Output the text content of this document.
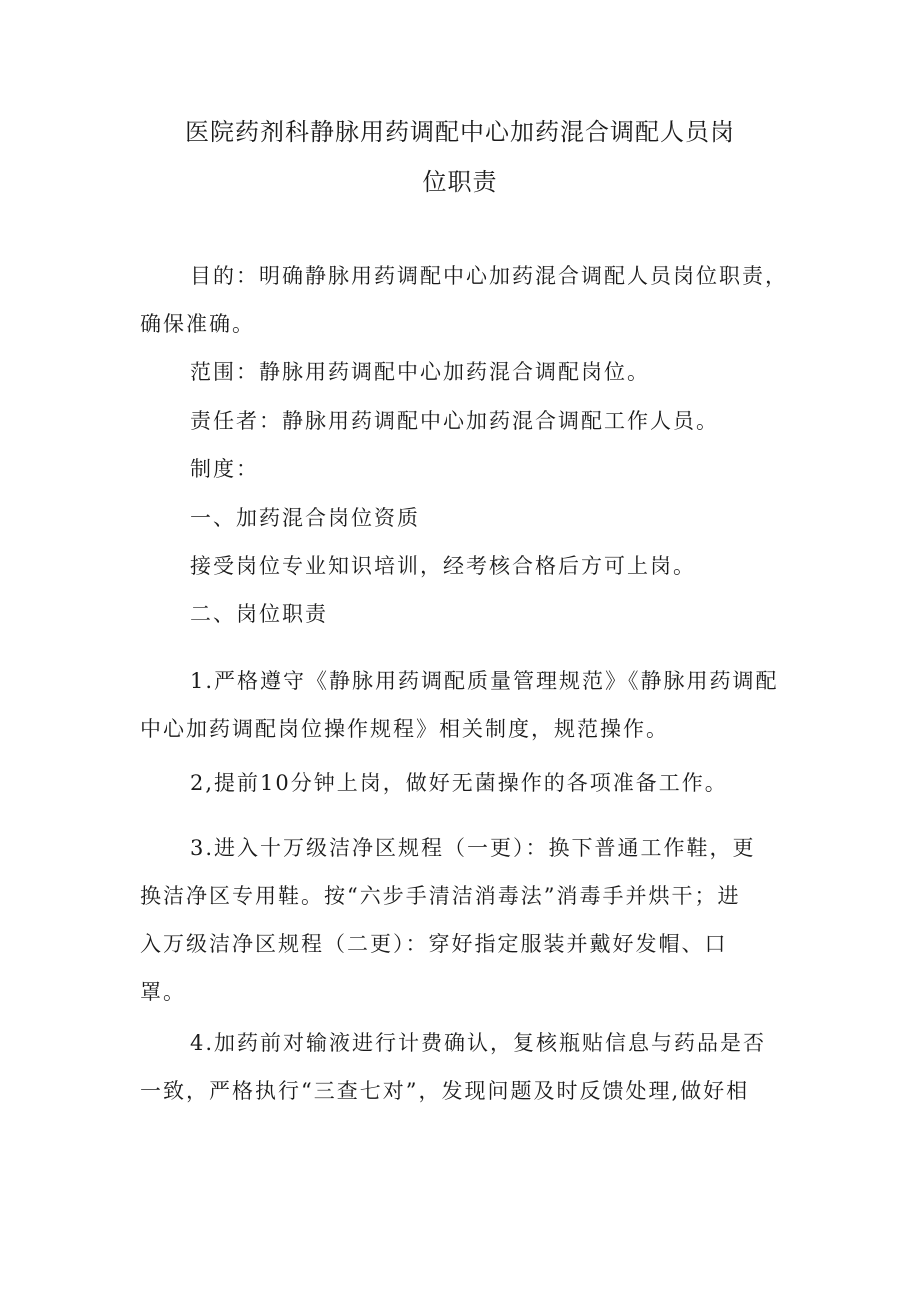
医院药剂科静脉用药调配中心加药混合调配人员岗
位职责
目的：明确静脉用药调配中心加药混合调配人员岗位职责，
确保准确。
范围：静脉用药调配中心加药混合调配岗位。
责任者：静脉用药调配中心加药混合调配工作人员。
制度：
一、加药混合岗位资质
接受岗位专业知识培训，经考核合格后方可上岗。
二、岗位职责
1.严格遵守《静脉用药调配质量管理规范》《静脉用药调配
中心加药调配岗位操作规程》相关制度，规范操作。
2,提前10分钟上岗，做好无菌操作的各项准备工作。
3.进入十万级洁净区规程（一更）：换下普通工作鞋，更
换洁净区专用鞋。按“六步手清洁消毒法”消毒手并烘干；进
入万级洁净区规程（二更）：穿好指定服装并戴好发帽、口
罩。
4.加药前对输液进行计费确认，复核瓶贴信息与药品是否
一致，严格执行“三查七对”，发现问题及时反馈处理,做好相
